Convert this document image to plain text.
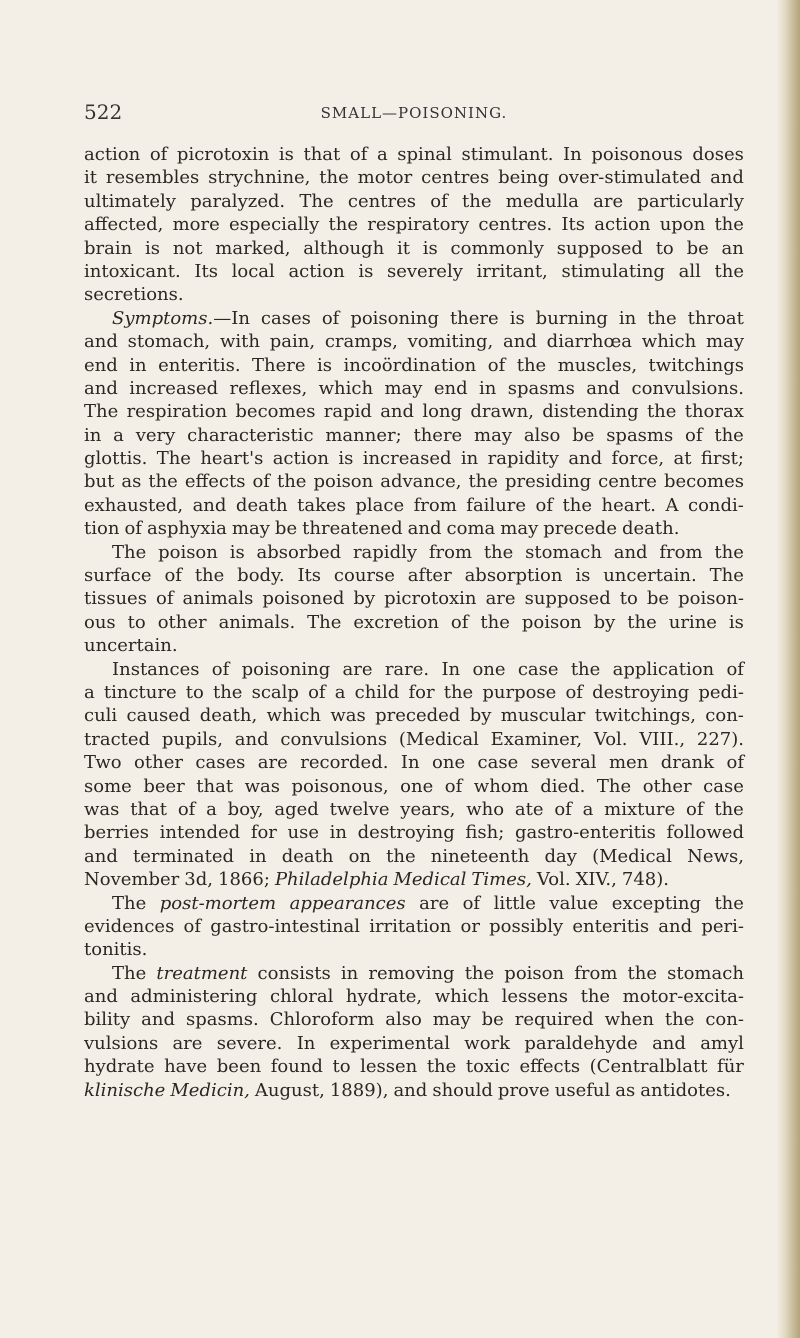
522	SMALL—POISONING.
action of picrotoxin is that of a spinal stimulant. In poisonous doses
it resembles strychnine, the motor centres being over-stimulated and
ultimately paralyzed. The centres of the medulla are particularly
affected, more especially the respiratory centres. Its action upon the
brain is not marked, although it is commonly supposed to be an
intoxicant. Its local action is severely irritant, stimulating all the
secretions.
Symptoms.—In cases of poisoning there is burning in the throat
and stomach, with pain, cramps, vomiting, and diarrhœa which may
end in enteritis. There is incoördination of the muscles, twitchings
and increased reflexes, which may end in spasms and convulsions.
The respiration becomes rapid and long drawn, distending the thorax
in a very characteristic manner; there may also be spasms of the
glottis. The heart's action is increased in rapidity and force, at first;
but as the effects of the poison advance, the presiding centre becomes
exhausted, and death takes place from failure of the heart. A condi-
tion of asphyxia may be threatened and coma may precede death.
The poison is absorbed rapidly from the stomach and from the
surface of the body. Its course after absorption is uncertain. The
tissues of animals poisoned by picrotoxin are supposed to be poison-
ous to other animals. The excretion of the poison by the urine is
uncertain.
Instances of poisoning are rare. In one case the application of
a tincture to the scalp of a child for the purpose of destroying pedi-
culi caused death, which was preceded by muscular twitchings, con-
tracted pupils, and convulsions (Medical Examiner, Vol. VIII., 227).
Two other cases are recorded. In one case several men drank of
some beer that was poisonous, one of whom died. The other case
was that of a boy, aged twelve years, who ate of a mixture of the
berries intended for use in destroying fish; gastro-enteritis followed
and terminated in death on the nineteenth day (Medical News,
November 3d, 1866; Philadelphia Medical Times, Vol. XIV., 748).
The post-mortem appearances are of little value excepting the
evidences of gastro-intestinal irritation or possibly enteritis and peri-
tonitis.
The treatment consists in removing the poison from the stomach
and administering chloral hydrate, which lessens the motor-excita-
bility and spasms. Chloroform also may be required when the con-
vulsions are severe. In experimental work paraldehyde and amyl
hydrate have been found to lessen the toxic effects (Centralblatt für
klinische Medicin, August, 1889), and should prove useful as antidotes.
